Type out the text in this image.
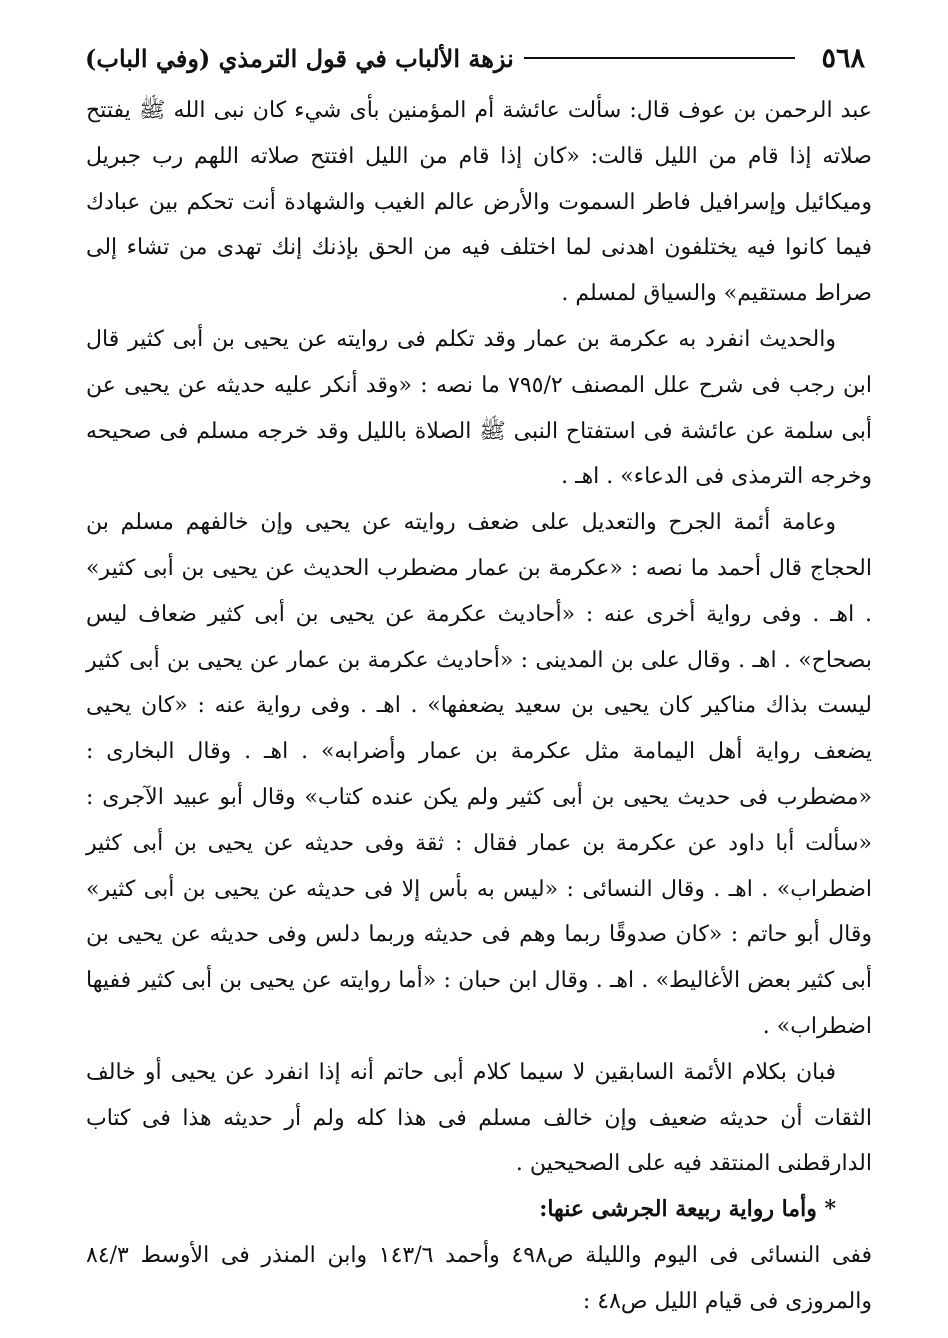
٥٦٨
نزهة الألباب في قول الترمذي (وفي الباب)

عبد الرحمن بن عوف قال: سألت عائشة أم المؤمنين بأى شيء كان نبى الله ﷺ يفتتح صلاته إذا قام من الليل قالت: «كان إذا قام من الليل افتتح صلاته اللهم رب جبريل وميكائيل وإسرافيل فاطر السموت والأرض عالم الغيب والشهادة أنت تحكم بين عبادك فيما كانوا فيه يختلفون اهدنى لما اختلف فيه من الحق بإذنك إنك تهدى من تشاء إلى صراط مستقيم» والسياق لمسلم .

والحديث انفرد به عكرمة بن عمار وقد تكلم فى روايته عن يحيى بن أبى كثير قال ابن رجب فى شرح علل المصنف ٧٩٥/٢ ما نصه : «وقد أنكر عليه حديثه عن يحيى عن أبى سلمة عن عائشة فى استفتاح النبى ﷺ الصلاة بالليل وقد خرجه مسلم فى صحيحه وخرجه الترمذى فى الدعاء» . اهـ .

وعامة أئمة الجرح والتعديل على ضعف روايته عن يحيى وإن خالفهم مسلم بن الحجاج قال أحمد ما نصه : «عكرمة بن عمار مضطرب الحديث عن يحيى بن أبى كثير» . اهـ . وفى رواية أخرى عنه : «أحاديث عكرمة عن يحيى بن أبى كثير ضعاف ليس بصحاح» . اهـ . وقال على بن المدينى : «أحاديث عكرمة بن عمار عن يحيى بن أبى كثير ليست بذاك مناكير كان يحيى بن سعيد يضعفها» . اهـ . وفى رواية عنه : «كان يحيى يضعف رواية أهل اليمامة مثل عكرمة بن عمار وأضرابه» . اهـ . وقال البخارى : «مضطرب فى حديث يحيى بن أبى كثير ولم يكن عنده كتاب» وقال أبو عبيد الآجرى : «سألت أبا داود عن عكرمة بن عمار فقال : ثقة وفى حديثه عن يحيى بن أبى كثير اضطراب» . اهـ . وقال النسائى : «ليس به بأس إلا فى حديثه عن يحيى بن أبى كثير» وقال أبو حاتم : «كان صدوقًا ربما وهم فى حديثه وربما دلس وفى حديثه عن يحيى بن أبى كثير بعض الأغاليط» . اهـ . وقال ابن حبان : «أما روايته عن يحيى بن أبى كثير ففيها اضطراب» .

فبان بكلام الأئمة السابقين لا سيما كلام أبى حاتم أنه إذا انفرد عن يحيى أو خالف الثقات أن حديثه ضعيف وإن خالف مسلم فى هذا كله ولم أر حديثه هذا فى كتاب الدارقطنى المنتقد فيه على الصحيحين .

* وأما رواية ربيعة الجرشى عنها:

ففى النسائى فى اليوم والليلة ص٤٩٨ وأحمد ١٤٣/٦ وابن المنذر فى الأوسط ٨٤/٣ والمروزى فى قيام الليل ص٤٨ :
